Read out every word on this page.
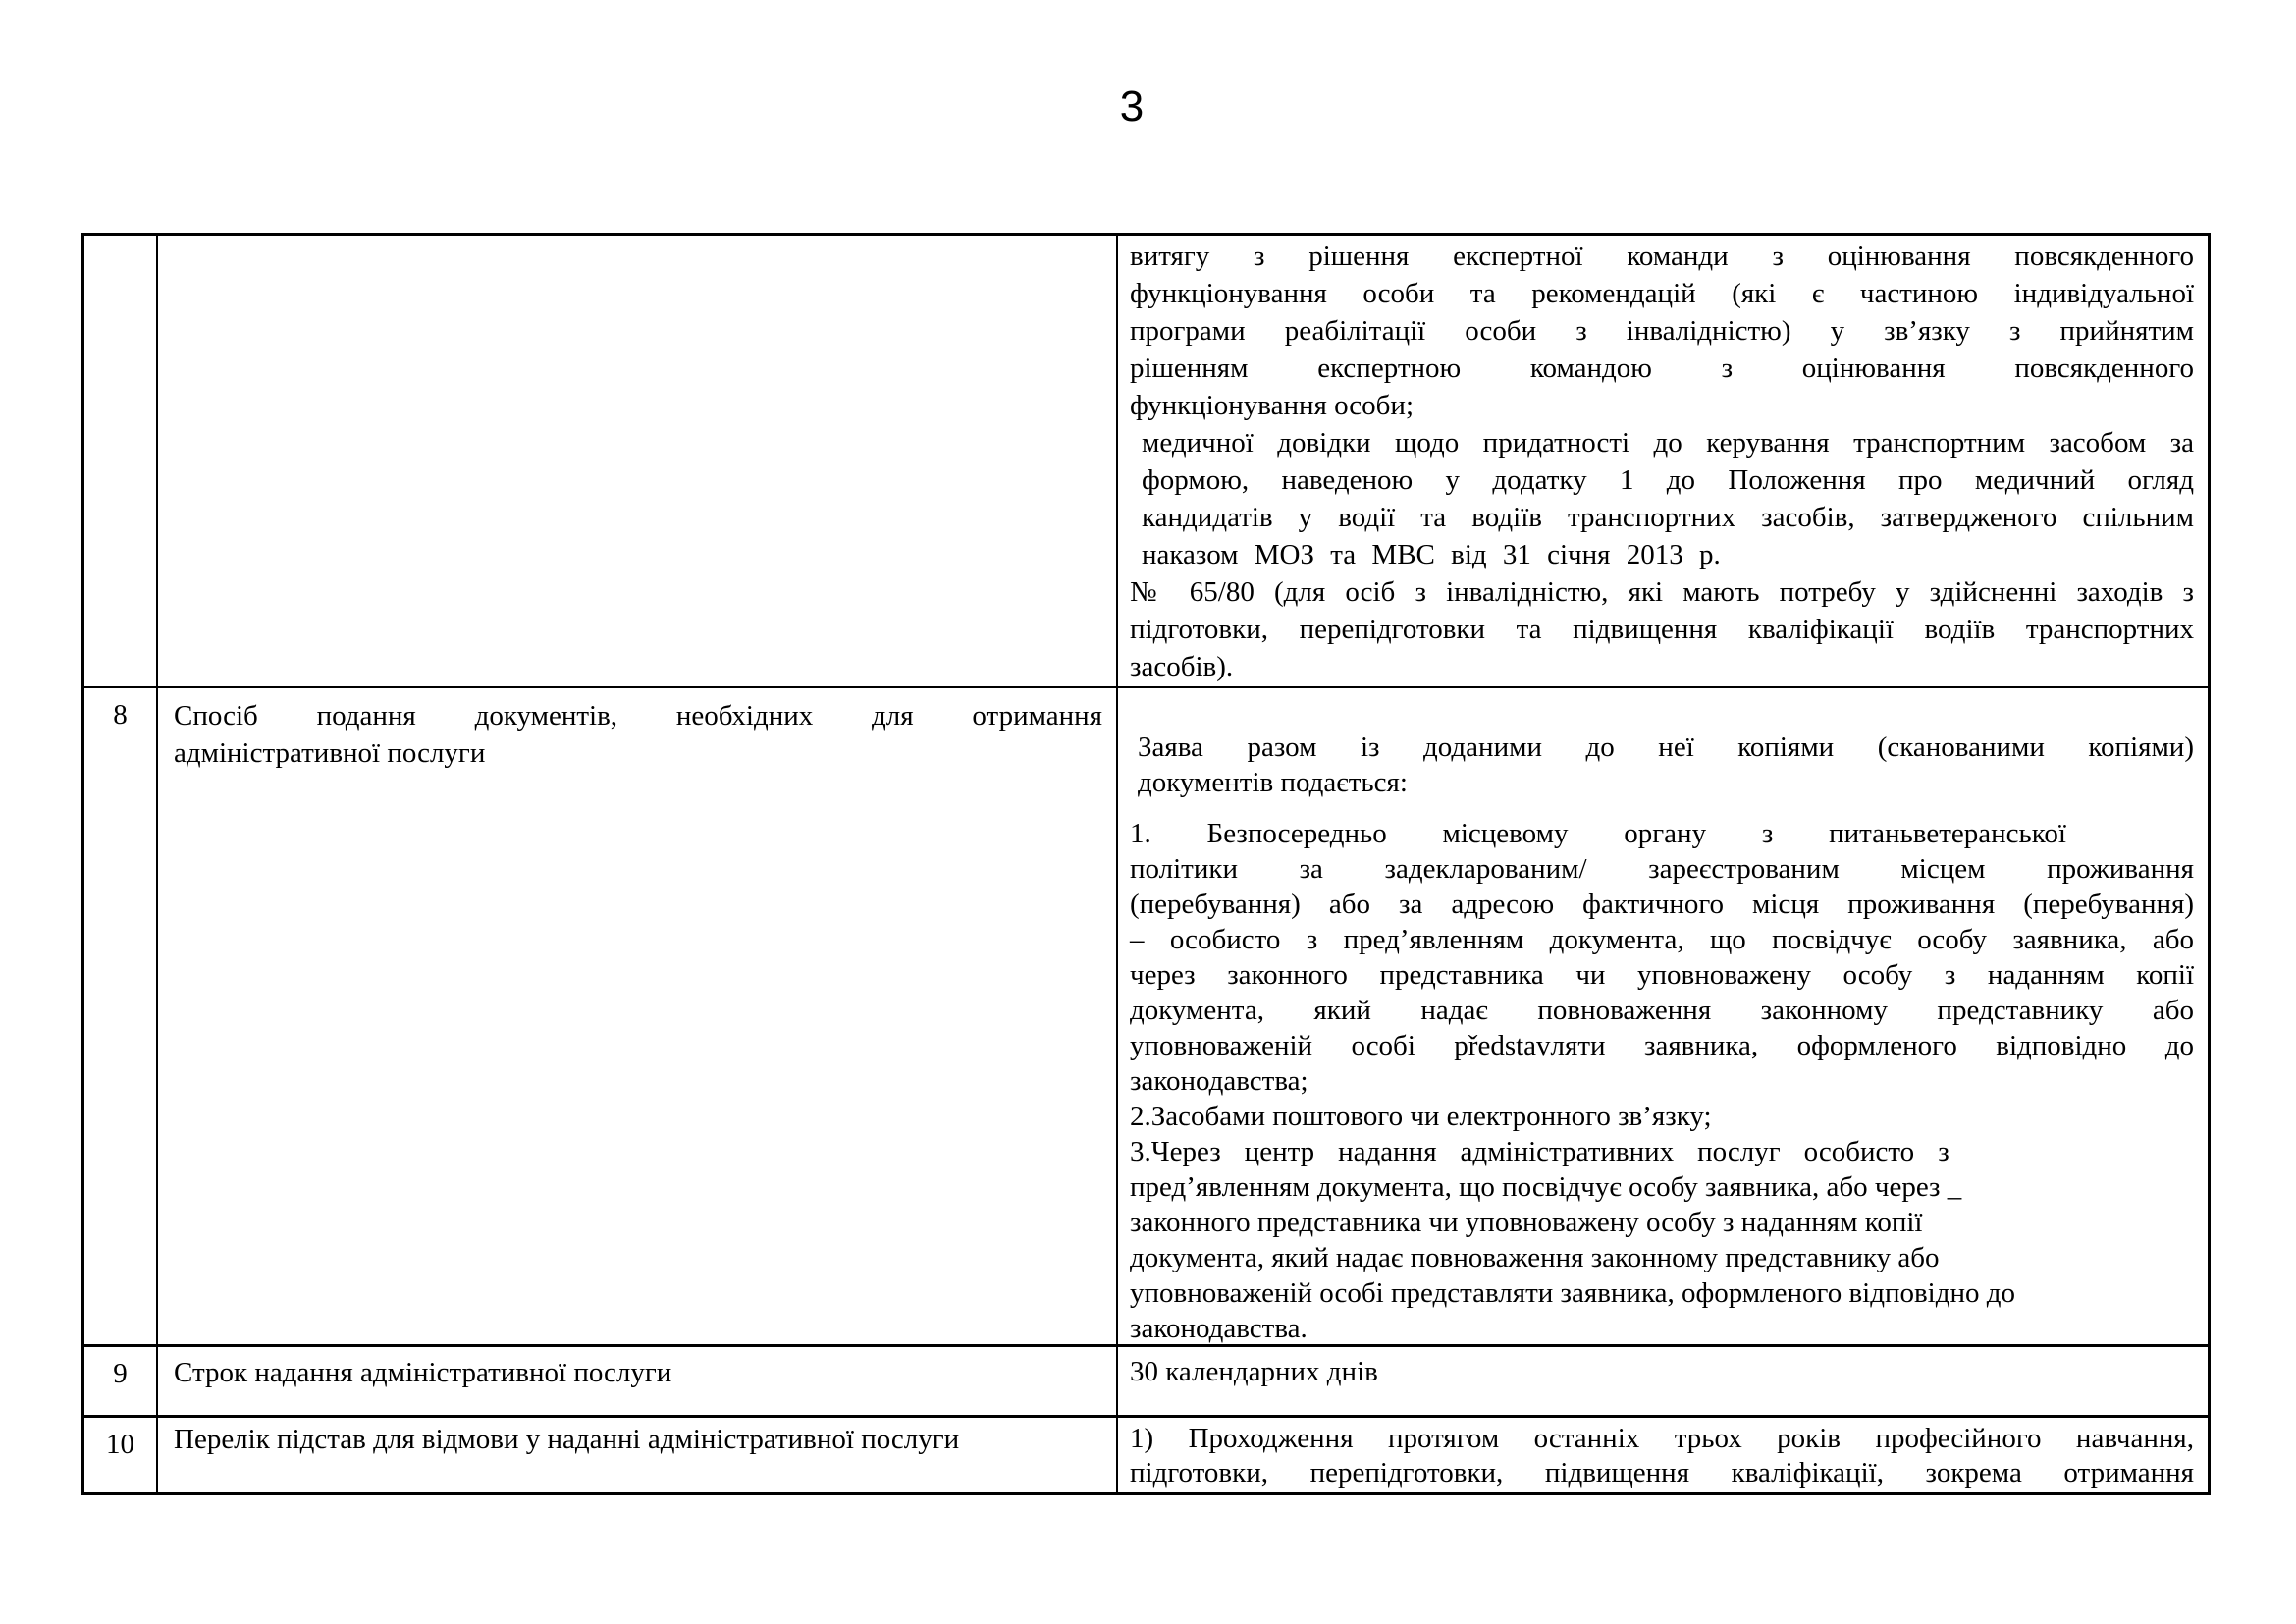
3
витягу з рішення експертної команди з оцінювання повсякденного
функціонування особи та рекомендацій (які є частиною індивідуальної
програми реабілітації особи з інвалідністю) у зв’язку з прийнятим
рішенням експертною командою з оцінювання повсякденного
функціонування особи;
медичної довідки щодо придатності до керування транспортним засобом за
формою, наведеною у додатку 1 до Положення про медичний огляд
кандидатів у водії та водіїв транспортних засобів, затвердженого спільним
наказом МОЗ та МВС від 31 січня 2013 р.
№ 65/80 (для осіб з інвалідністю, які мають потребу у здійсненні заходів з
підготовки, перепідготовки та підвищення кваліфікації водіїв транспортних
засобів).
8	Спосіб подання документів, необхідних для отримання
адміністративної послуги	Заява разом із доданими до неї копіями (сканованими копіями)
документів подається:
1. Безпосередньо місцевому органу з питаньветеранської
політики за задекларованим/ зареєстрованим місцем проживання
(перебування) або за адресою фактичного місця проживання (перебування)
– особисто з пред’явленням документа, що посвідчує особу заявника, або
через законного представника чи уповноважену особу з наданням копії
документа, який надає повноваження законному представнику або
уповноваженій особі představляти заявника, оформленого відповідно до
законодавства;
2.Засобами поштового чи електронного зв’язку;
3.Через центр надання адміністративних послуг особисто з
пред’явленням документа, що посвідчує особу заявника, або через _
законного представника чи уповноважену особу з наданням копії
документа, який надає повноваження законному представнику або
уповноваженій особі представляти заявника, оформленого відповідно до
законодавства.
9	Строк надання адміністративної послуги	30 календарних днів
10	Перелік підстав для відмови у наданні адміністративної послуги	1) Проходження протягом останніх трьох років професійного навчання,
підготовки, перепідготовки, підвищення кваліфікації, зокрема отримання
